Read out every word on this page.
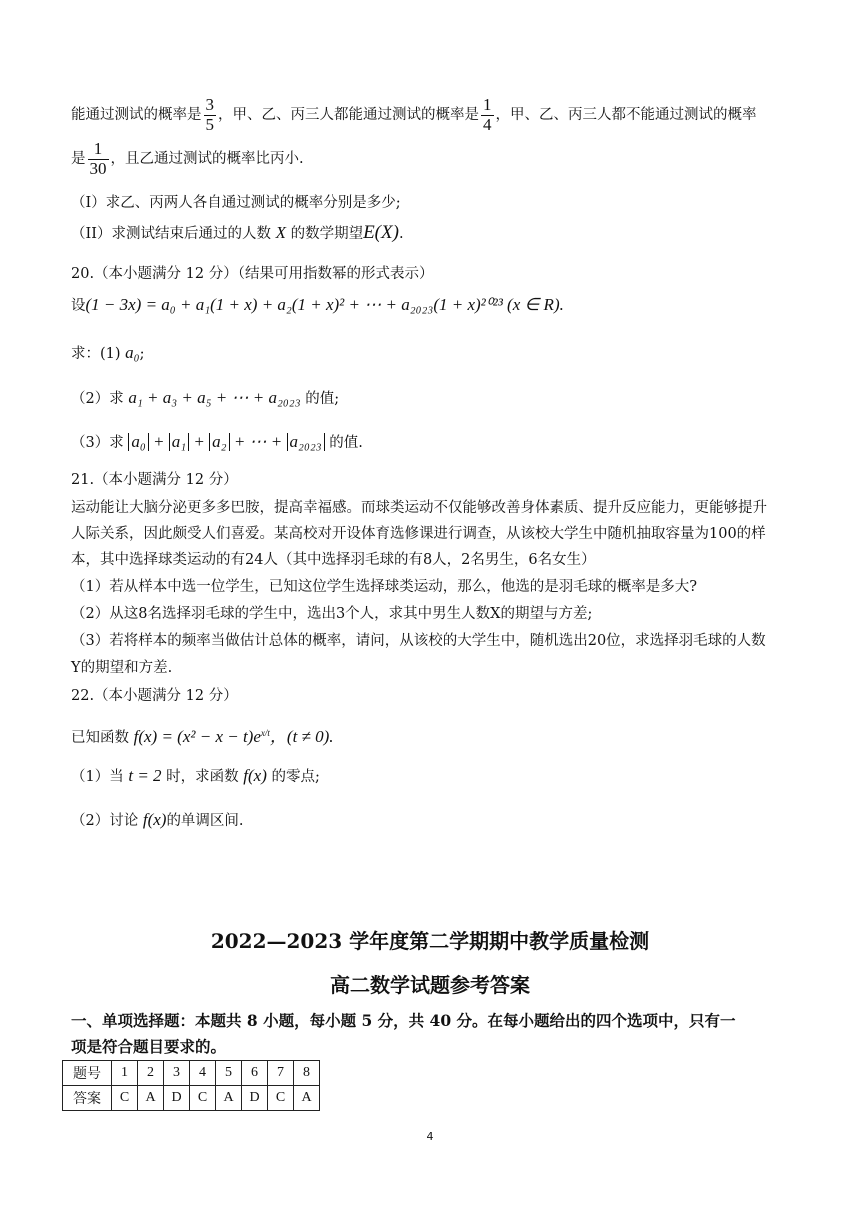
能通过测试的概率是 $\frac{3}{5}$ ，甲、乙、丙三人都能通过测试的概率是 $\frac{1}{4}$ ，甲、乙、丙三人都不能通过测试的概率
是 $\frac{1}{30}$ ，且乙通过测试的概率比丙小.
（I）求乙、丙两人各自通过测试的概率分别是多少;
（II）求测试结束后通过的人数 X 的数学期望E(X).
20.（本小题满分 12 分）（结果可用指数幂的形式表示）
设(1 − 3x) = a₀ + a₁(1 + x) + a₂(1 + x)² + ⋯ + a₂₀₂₃(1 + x)²⁰²³ (x ∈ R).
求：(1) a₀;
（2）求 a₁ + a₃ + a₅ + ⋯ + a₂₀₂₃ 的值;
（3）求 a₀ + a₁ + a₂ + ⋯ + a₂₀₂₃ 的值.
21.（本小题满分 12 分）
运动能让大脑分泌更多多巴胺，提高幸福感。而球类运动不仅能够改善身体素质、提升反应能力，更能够提升
人际关系，因此颇受人们喜爱。某高校对开设体育选修课进行调查，从该校大学生中随机抽取容量为100的样
本，其中选择球类运动的有24人（其中选择羽毛球的有8人，2名男生，6名女生）
（1）若从样本中选一位学生，已知这位学生选择球类运动，那么，他选的是羽毛球的概率是多大?
（2）从这8名选择羽毛球的学生中，选出3个人，求其中男生人数X的期望与方差;
（3）若将样本的频率当做估计总体的概率，请问，从该校的大学生中，随机选出20位，求选择羽毛球的人数
Y的期望和方差.
22.（本小题满分 12 分）
已知函数 $f(x) = (x^2 - x - t)e^{x/t}$，(t ≠ 0).
（1）当 t = 2 时，求函数 f(x) 的零点;
（2）讨论 f(x)的单调区间.
2022—2023 学年度第二学期期中教学质量检测
高二数学试题参考答案
一、单项选择题：本题共 8 小题，每小题 5 分，共 40 分。在每小题给出的四个选项中，只有一
项是符合题目要求的。
题号	1	2	3	4	5	6	7	8
答案	C	A	D	C	A	D	C	A
4
